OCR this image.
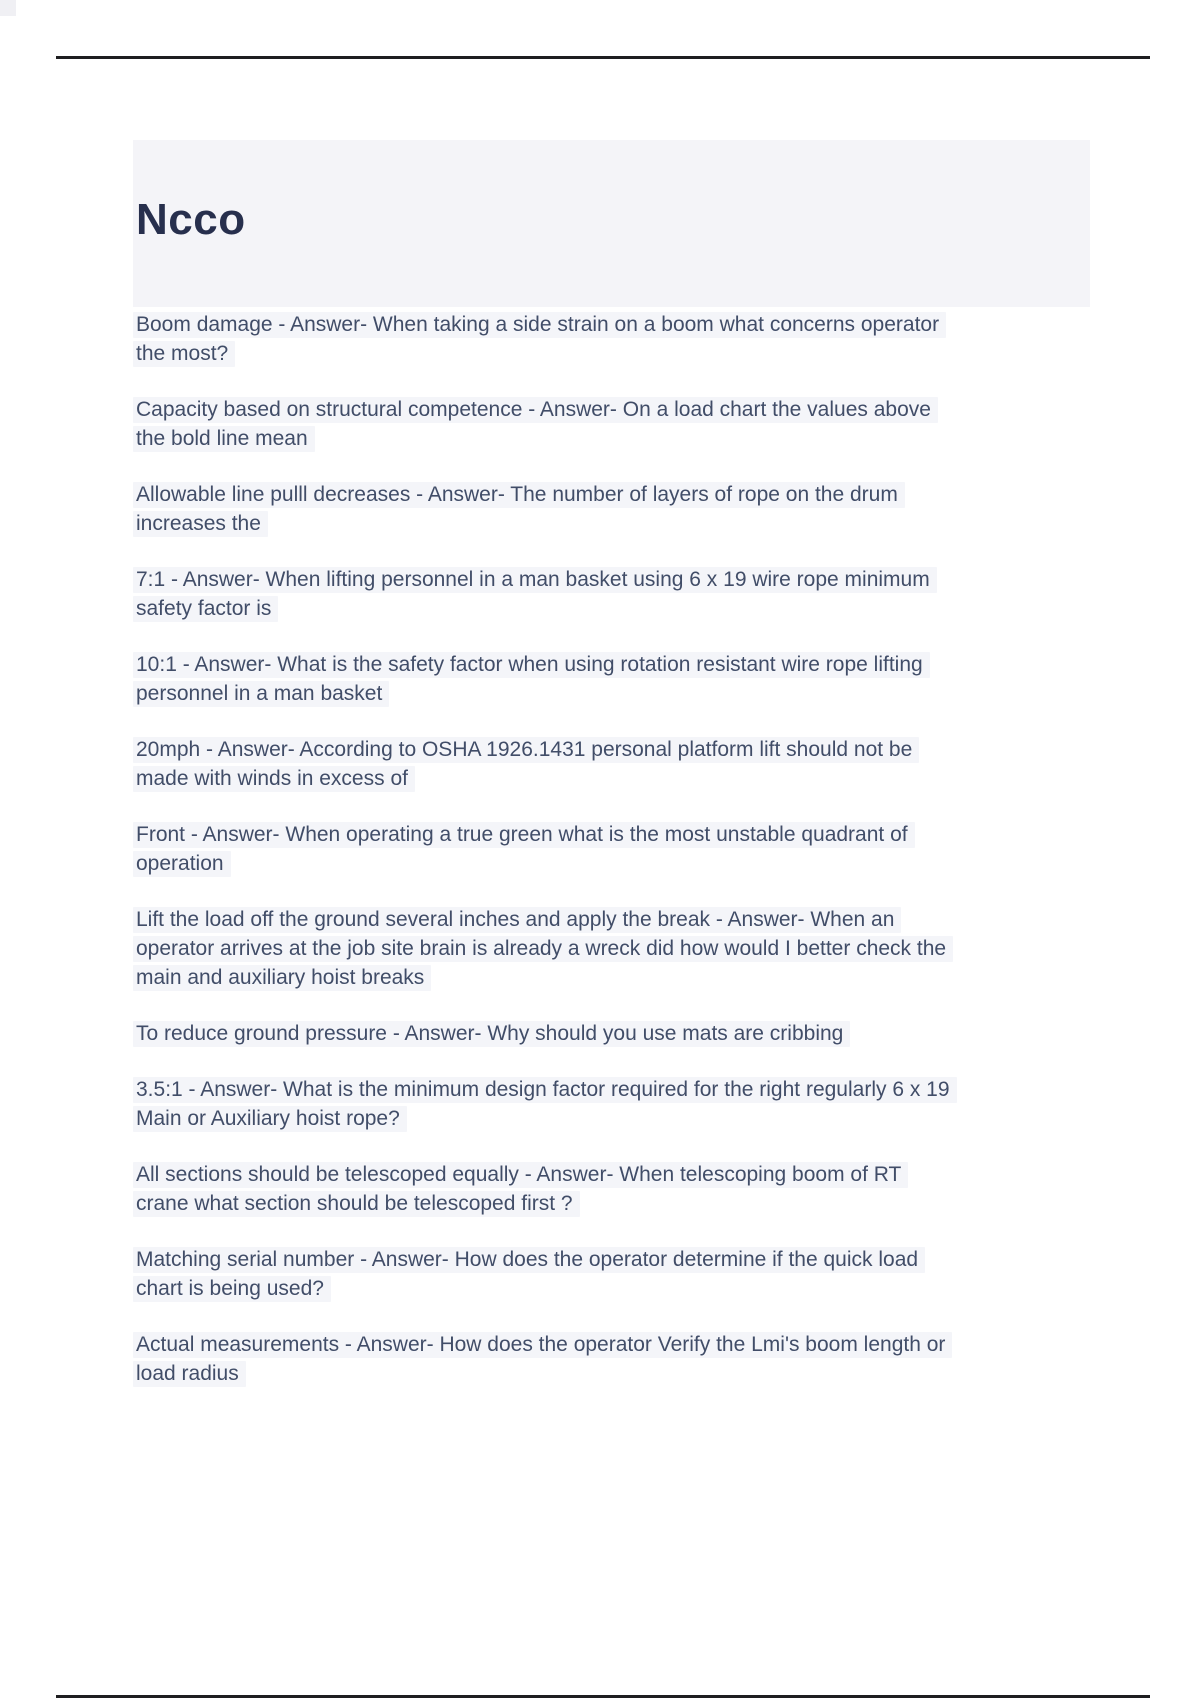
Ncco
Boom damage - Answer- When taking a side strain on a boom what concerns operator
the most?
Capacity based on structural competence - Answer- On a load chart the values above
the bold line mean
Allowable line pulll decreases - Answer- The number of layers of rope on the drum
increases the
7:1 - Answer- When lifting personnel in a man basket using 6 x 19 wire rope minimum
safety factor is
10:1 - Answer- What is the safety factor when using rotation resistant wire rope lifting
personnel in a man basket
20mph - Answer- According to OSHA 1926.1431 personal platform lift should not be
made with winds in excess of
Front - Answer- When operating a true green what is the most unstable quadrant of
operation
Lift the load off the ground several inches and apply the break - Answer- When an
operator arrives at the job site brain is already a wreck did how would I better check the
main and auxiliary hoist breaks
To reduce ground pressure - Answer- Why should you use mats are cribbing
3.5:1 - Answer- What is the minimum design factor required for the right regularly 6 x 19
Main or Auxiliary hoist rope?
All sections should be telescoped equally - Answer- When telescoping boom of RT
crane what section should be telescoped first ?
Matching serial number - Answer- How does the operator determine if the quick load
chart is being used?
Actual measurements - Answer- How does the operator Verify the Lmi's boom length or
load radius
